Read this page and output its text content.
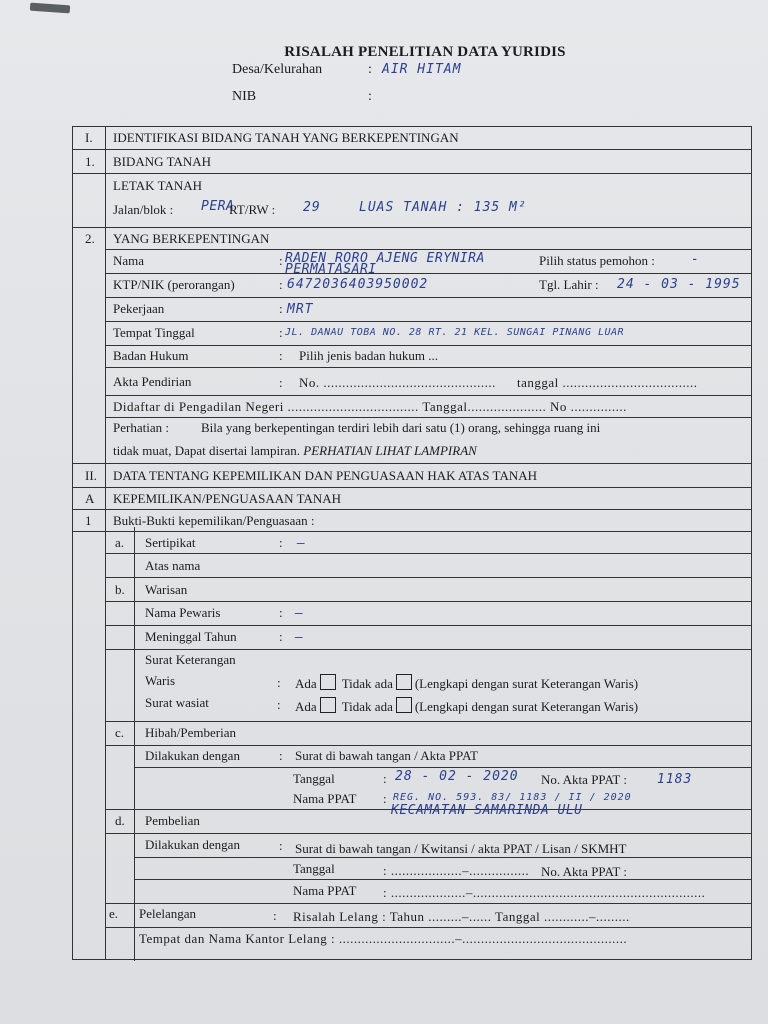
RISALAH PENELITIAN DATA YURIDIS
Desa/Kelurahan	: AIR HITAM
NIB	:
I. IDENTIFIKASI BIDANG TANAH YANG BERKEPENTINGAN
1. BIDANG TANAH
LETAK TANAH
Jalan/blok : PERA
RT/RW : 29	LUAS TANAH : 135 M²
2. YANG BERKEPENTINGAN
Nama	: RADEN RORO AJENG ERYNIRA
PERMATASARI
Pilih status pemohon :	-
KTP/NIK (perorangan)	: 6472036403950002	Tgl. Lahir : 24 - 03 - 1995
Pekerjaan	: MRT
Tempat Tinggal	: JL. DANAU TOBA NO. 28 RT. 21 KEL. SUNGAI PINANG LUAR
Badan Hukum	: Pilih jenis badan hukum ...
Akta Pendirian	: No. .............................................. tanggal ....................................
Didaftar di Pengadilan Negeri ................................... Tanggal..................... No ...............
Perhatian : Bila yang berkepentingan terdiri lebih dari satu (1) orang, sehingga ruang ini
tidak muat, Dapat disertai lampiran. PERHATIAN LIHAT LAMPIRAN
II. DATA TENTANG KEPEMILIKAN DAN PENGUASAAN HAK ATAS TANAH
A KEPEMILIKAN/PENGUASAAN TANAH
1 Bukti-Bukti kepemilikan/Penguasaan :
a. Sertipikat	: –
Atas nama
b. Warisan
Nama Pewaris	: –
Meninggal Tahun	: –
Surat Keterangan
Waris	: Ada Tidak ada (Lengkapi dengan surat Keterangan Waris)
Surat wasiat	: Ada Tidak ada (Lengkapi dengan surat Keterangan Waris)
c. Hibah/Pemberian
Dilakukan dengan	: Surat di bawah tangan / Akta PPAT
Tanggal	: 28 - 02 - 2020 No. Akta PPAT : 1183
Nama PPAT : REG. NO. 593. 83/ 1183 / II / 2020
KECAMATAN SAMARINDA ULU
d. Pembelian
Dilakukan dengan	: Surat di bawah tangan / Kwitansi / akta PPAT / Lisan / SKMHT
Tanggal	: ...................–................ No. Akta PPAT :
Nama PPAT : ....................–..............................................................
e. Pelelangan	: Risalah Lelang : Tahun .........–...... Tanggal ............–.........
Tempat dan Nama Kantor Lelang : ...............................–............................................
